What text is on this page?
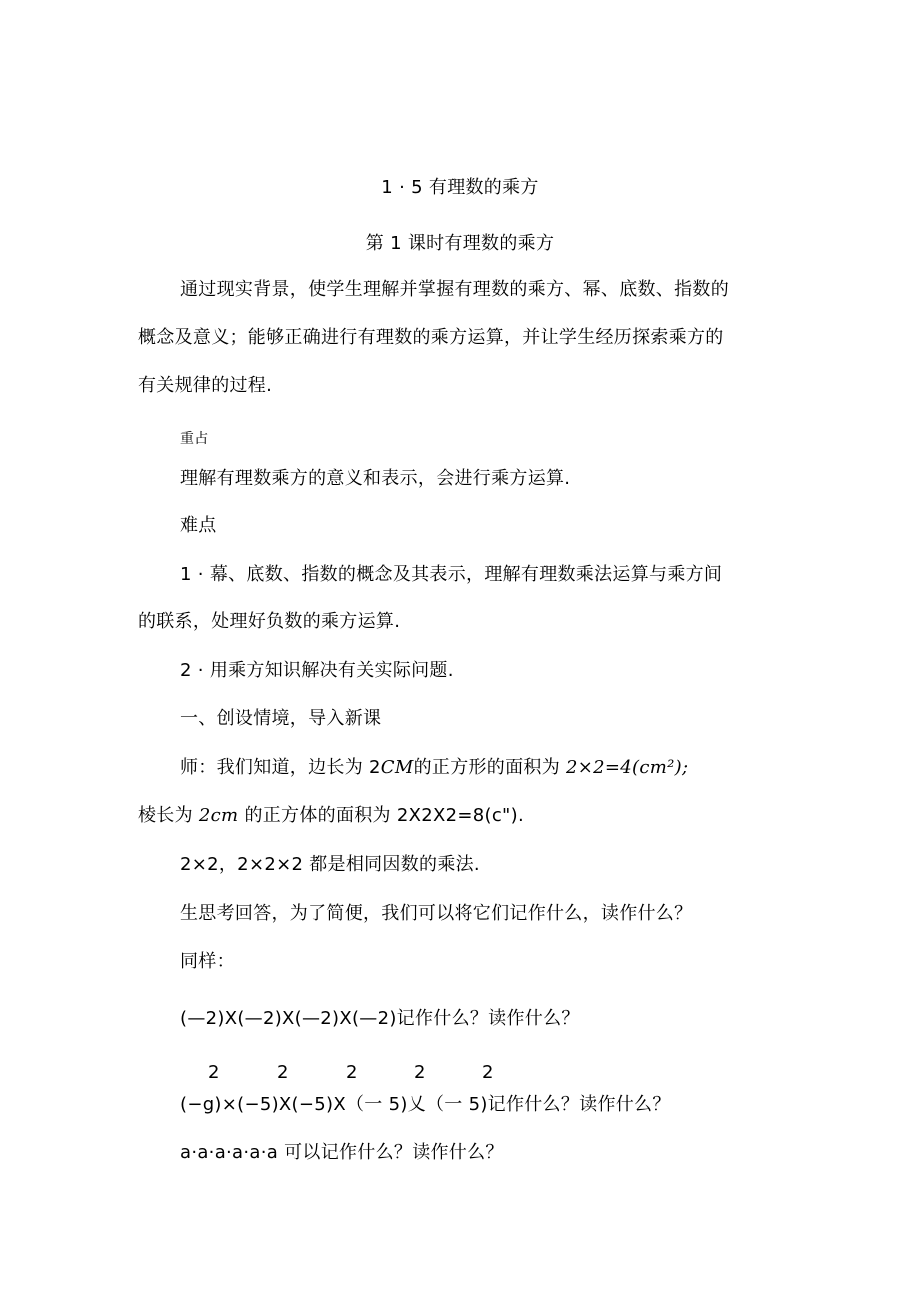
1 · 5 有理数的乘方
第 1 课时有理数的乘方
通过现实背景，使学生理解并掌握有理数的乘方、幂、底数、指数的
概念及意义；能够正确进行有理数的乘方运算，并让学生经历探索乘方的
有关规律的过程.
重占
理解有理数乘方的意义和表示，会进行乘方运算.
难点
1 · 幕、底数、指数的概念及其表示，理解有理数乘法运算与乘方间
的联系，处理好负数的乘方运算.
2 · 用乘方知识解决有关实际问题.
一、创设情境，导入新课
师：我们知道，边长为 2CM的正方形的面积为 2×2=4(cm²);
棱长为 2cm 的正方体的面积为 2X2X2=8(c").
2×2，2×2×2 都是相同因数的乘法.
生思考回答，为了简便，我们可以将它们记作什么，读作什么？
同样：
(—2)X(—2)X(—2)X(—2)记作什么？读作什么？
2	2	2	2	2
(−g)×(−5)X(−5)X（一 5)乂（一 5)记作什么？读作什么？
a·a·a·a·a·a 可以记作什么？读作什么？
